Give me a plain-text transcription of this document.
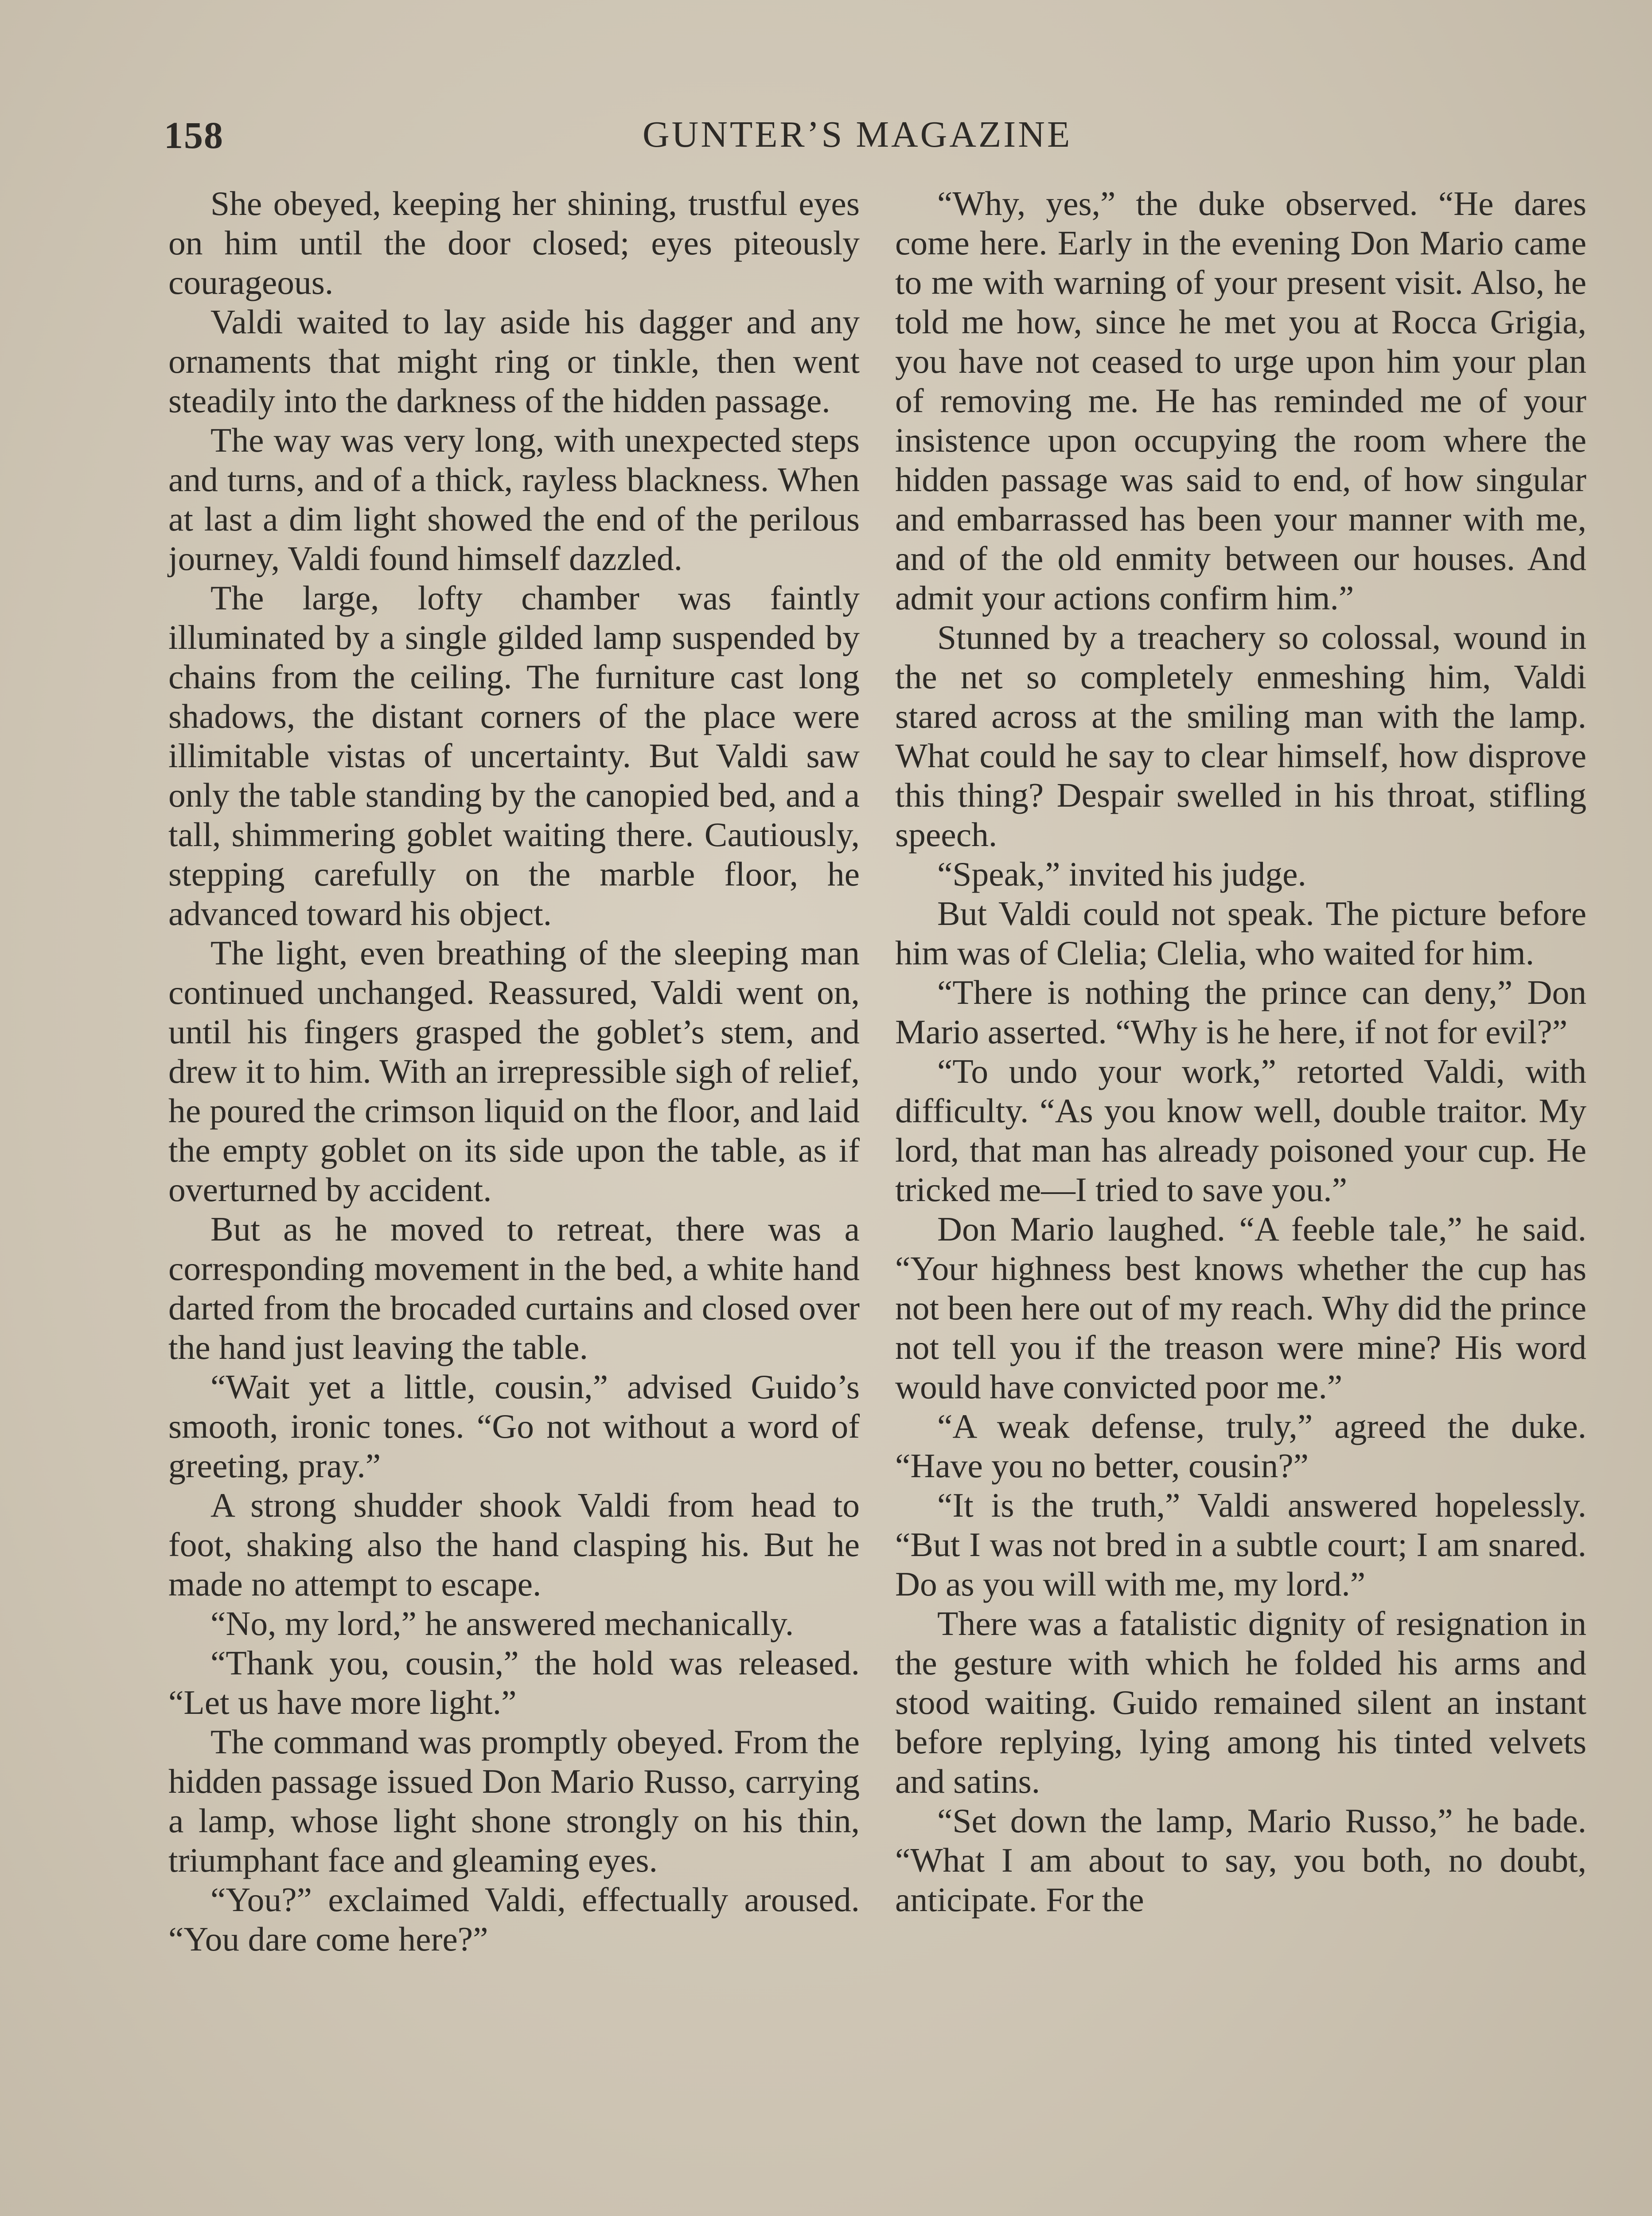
158	GUNTER’S MAGAZINE

She obeyed, keeping her shining, trustful eyes on him until the door closed; eyes piteously courageous.

Valdi waited to lay aside his dagger and any ornaments that might ring or tinkle, then went steadily into the darkness of the hidden passage.

The way was very long, with unexpected steps and turns, and of a thick, rayless blackness. When at last a dim light showed the end of the perilous journey, Valdi found himself dazzled.

The large, lofty chamber was faintly illuminated by a single gilded lamp suspended by chains from the ceiling. The furniture cast long shadows, the distant corners of the place were illimitable vistas of uncertainty. But Valdi saw only the table standing by the canopied bed, and a tall, shimmering goblet waiting there. Cautiously, stepping carefully on the marble floor, he advanced toward his object.

The light, even breathing of the sleeping man continued unchanged. Reassured, Valdi went on, until his fingers grasped the goblet’s stem, and drew it to him. With an irrepressible sigh of relief, he poured the crimson liquid on the floor, and laid the empty goblet on its side upon the table, as if overturned by accident.

But as he moved to retreat, there was a corresponding movement in the bed, a white hand darted from the brocaded curtains and closed over the hand just leaving the table.

“Wait yet a little, cousin,” advised Guido’s smooth, ironic tones. “Go not without a word of greeting, pray.”

A strong shudder shook Valdi from head to foot, shaking also the hand clasping his. But he made no attempt to escape.

“No, my lord,” he answered mechanically.

“Thank you, cousin,” the hold was released. “Let us have more light.”

The command was promptly obeyed. From the hidden passage issued Don Mario Russo, carrying a lamp, whose light shone strongly on his thin, triumphant face and gleaming eyes.

“You?” exclaimed Valdi, effectually aroused. “You dare come here?”

“Why, yes,” the duke observed. “He dares come here. Early in the evening Don Mario came to me with warning of your present visit. Also, he told me how, since he met you at Rocca Grigia, you have not ceased to urge upon him your plan of removing me. He has reminded me of your insistence upon occupying the room where the hidden passage was said to end, of how singular and embarrassed has been your manner with me, and of the old enmity between our houses. And admit your actions confirm him.”

Stunned by a treachery so colossal, wound in the net so completely enmeshing him, Valdi stared across at the smiling man with the lamp. What could he say to clear himself, how disprove this thing? Despair swelled in his throat, stifling speech.

“Speak,” invited his judge.

But Valdi could not speak. The picture before him was of Clelia; Clelia, who waited for him.

“There is nothing the prince can deny,” Don Mario asserted. “Why is he here, if not for evil?”

“To undo your work,” retorted Valdi, with difficulty. “As you know well, double traitor. My lord, that man has already poisoned your cup. He tricked me—I tried to save you.”

Don Mario laughed. “A feeble tale,” he said. “Your highness best knows whether the cup has not been here out of my reach. Why did the prince not tell you if the treason were mine? His word would have convicted poor me.”

“A weak defense, truly,” agreed the duke. “Have you no better, cousin?”

“It is the truth,” Valdi answered hopelessly. “But I was not bred in a subtle court; I am snared. Do as you will with me, my lord.”

There was a fatalistic dignity of resignation in the gesture with which he folded his arms and stood waiting. Guido remained silent an instant before replying, lying among his tinted velvets and satins.

“Set down the lamp, Mario Russo,” he bade. “What I am about to say, you both, no doubt, anticipate. For the
